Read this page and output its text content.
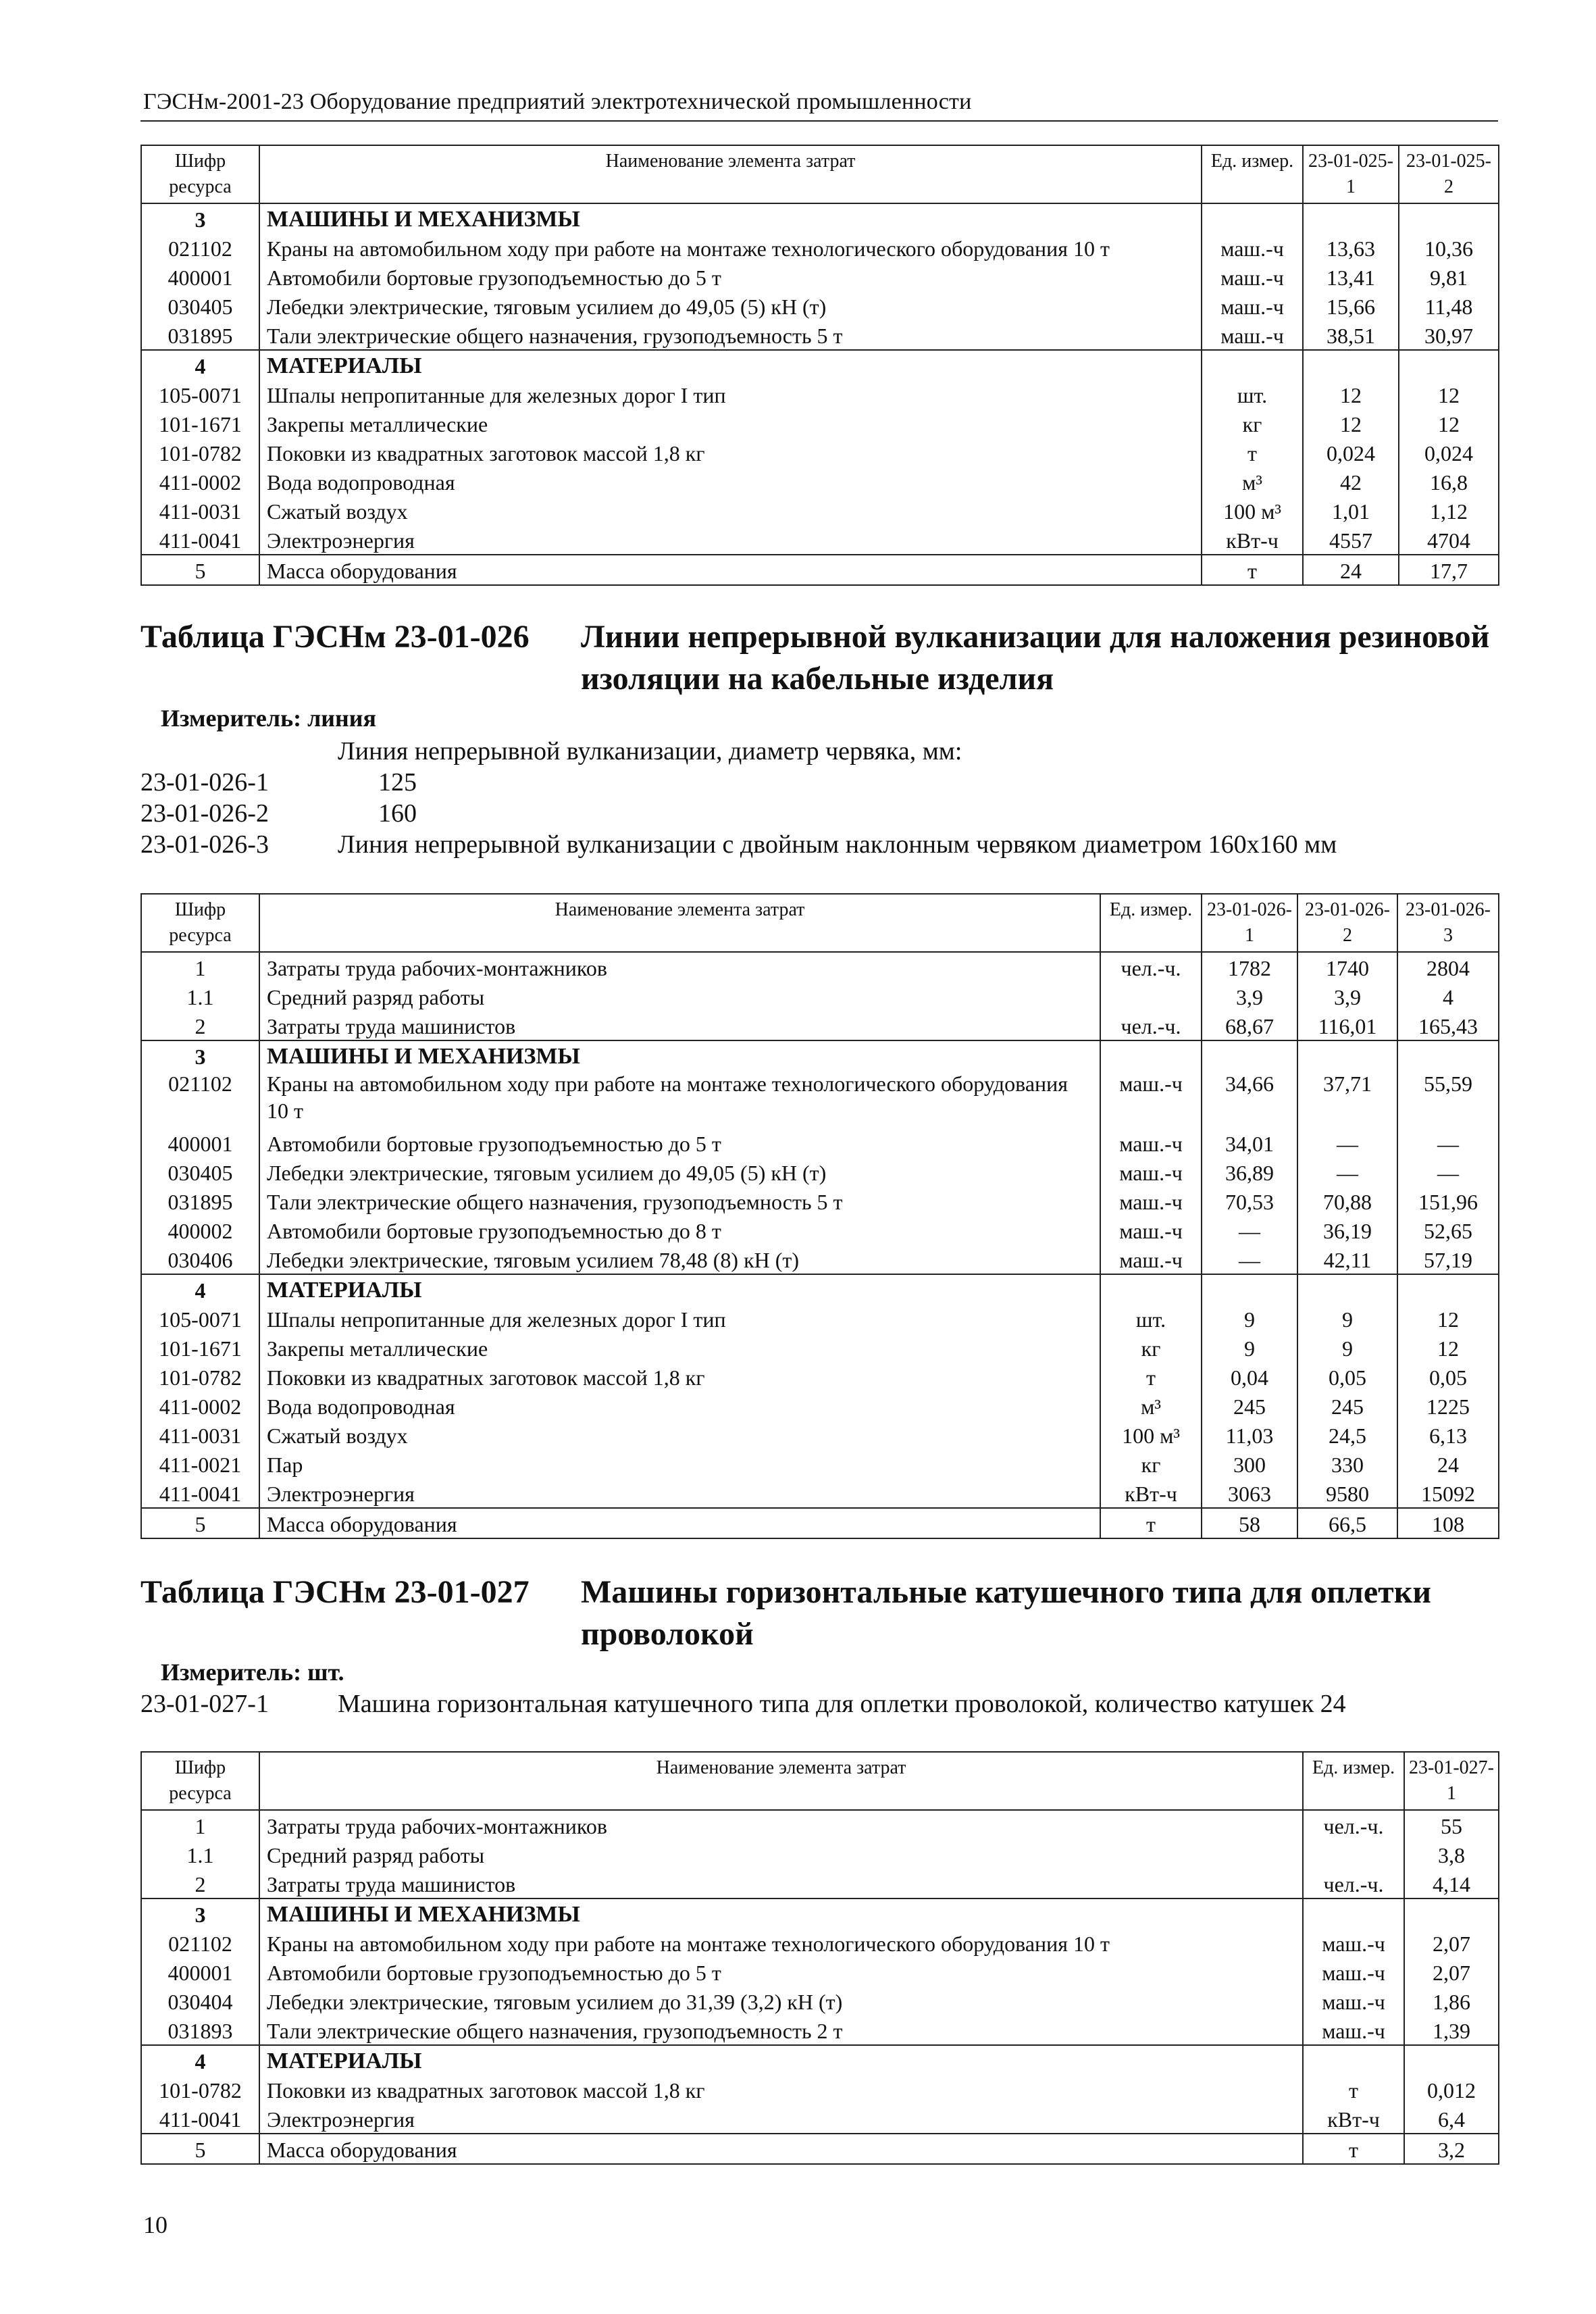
ГЭСНм-2001-23 Оборудование предприятий электротехнической промышленности
Шифр ресурса	Наименование элемента затрат	Ед. измер.	23-01-025-1	23-01-025-2
3	МАШИНЫ И МЕХАНИЗМЫ			
021102	Краны на автомобильном ходу при работе на монтаже технологического оборудования 10 т	маш.-ч	13,63	10,36
400001	Автомобили бортовые грузоподъемностью до 5 т	маш.-ч	13,41	9,81
030405	Лебедки электрические, тяговым усилием до 49,05 (5) кН (т)	маш.-ч	15,66	11,48
031895	Тали электрические общего назначения, грузоподъемность 5 т	маш.-ч	38,51	30,97
4	МАТЕРИАЛЫ			
105-0071	Шпалы непропитанные для железных дорог I тип	шт.	12	12
101-1671	Закрепы металлические	кг	12	12
101-0782	Поковки из квадратных заготовок массой 1,8 кг	т	0,024	0,024
411-0002	Вода водопроводная	м³	42	16,8
411-0031	Сжатый воздух	100 м³	1,01	1,12
411-0041	Электроэнергия	кВт-ч	4557	4704
5	Масса оборудования	т	24	17,7
Таблица ГЭСНм 23-01-026 Линии непрерывной вулканизации для наложения резиновой изоляции на кабельные изделия
Измеритель: линия
Линия непрерывной вулканизации, диаметр червяка, мм:
23-01-026-1	125
23-01-026-2	160
23-01-026-3	Линия непрерывной вулканизации с двойным наклонным червяком диаметром 160х160 мм
Шифр ресурса	Наименование элемента затрат	Ед. измер.	23-01-026-1	23-01-026-2	23-01-026-3
1	Затраты труда рабочих-монтажников	чел.-ч.	1782	1740	2804
1.1	Средний разряд работы		3,9	3,9	4
2	Затраты труда машинистов	чел.-ч.	68,67	116,01	165,43
3	МАШИНЫ И МЕХАНИЗМЫ				
021102	Краны на автомобильном ходу при работе на монтаже технологического оборудования 10 т	маш.-ч	34,66	37,71	55,59
400001	Автомобили бортовые грузоподъемностью до 5 т	маш.-ч	34,01	—	—
030405	Лебедки электрические, тяговым усилием до 49,05 (5) кН (т)	маш.-ч	36,89	—	—
031895	Тали электрические общего назначения, грузоподъемность 5 т	маш.-ч	70,53	70,88	151,96
400002	Автомобили бортовые грузоподъемностью до 8 т	маш.-ч	—	36,19	52,65
030406	Лебедки электрические, тяговым усилием 78,48 (8) кН (т)	маш.-ч	—	42,11	57,19
4	МАТЕРИАЛЫ				
105-0071	Шпалы непропитанные для железных дорог I тип	шт.	9	9	12
101-1671	Закрепы металлические	кг	9	9	12
101-0782	Поковки из квадратных заготовок массой 1,8 кг	т	0,04	0,05	0,05
411-0002	Вода водопроводная	м³	245	245	1225
411-0031	Сжатый воздух	100 м³	11,03	24,5	6,13
411-0021	Пар	кг	300	330	24
411-0041	Электроэнергия	кВт-ч	3063	9580	15092
5	Масса оборудования	т	58	66,5	108
Таблица ГЭСНм 23-01-027 Машины горизонтальные катушечного типа для оплетки проволокой
Измеритель: шт.
23-01-027-1	Машина горизонтальная катушечного типа для оплетки проволокой, количество катушек 24
Шифр ресурса	Наименование элемента затрат	Ед. измер.	23-01-027-1
1	Затраты труда рабочих-монтажников	чел.-ч.	55
1.1	Средний разряд работы		3,8
2	Затраты труда машинистов	чел.-ч.	4,14
3	МАШИНЫ И МЕХАНИЗМЫ		
021102	Краны на автомобильном ходу при работе на монтаже технологического оборудования 10 т	маш.-ч	2,07
400001	Автомобили бортовые грузоподъемностью до 5 т	маш.-ч	2,07
030404	Лебедки электрические, тяговым усилием до 31,39 (3,2) кН (т)	маш.-ч	1,86
031893	Тали электрические общего назначения, грузоподъемность 2 т	маш.-ч	1,39
4	МАТЕРИАЛЫ		
101-0782	Поковки из квадратных заготовок массой 1,8 кг	т	0,012
411-0041	Электроэнергия	кВт-ч	6,4
5	Масса оборудования	т	3,2
10
